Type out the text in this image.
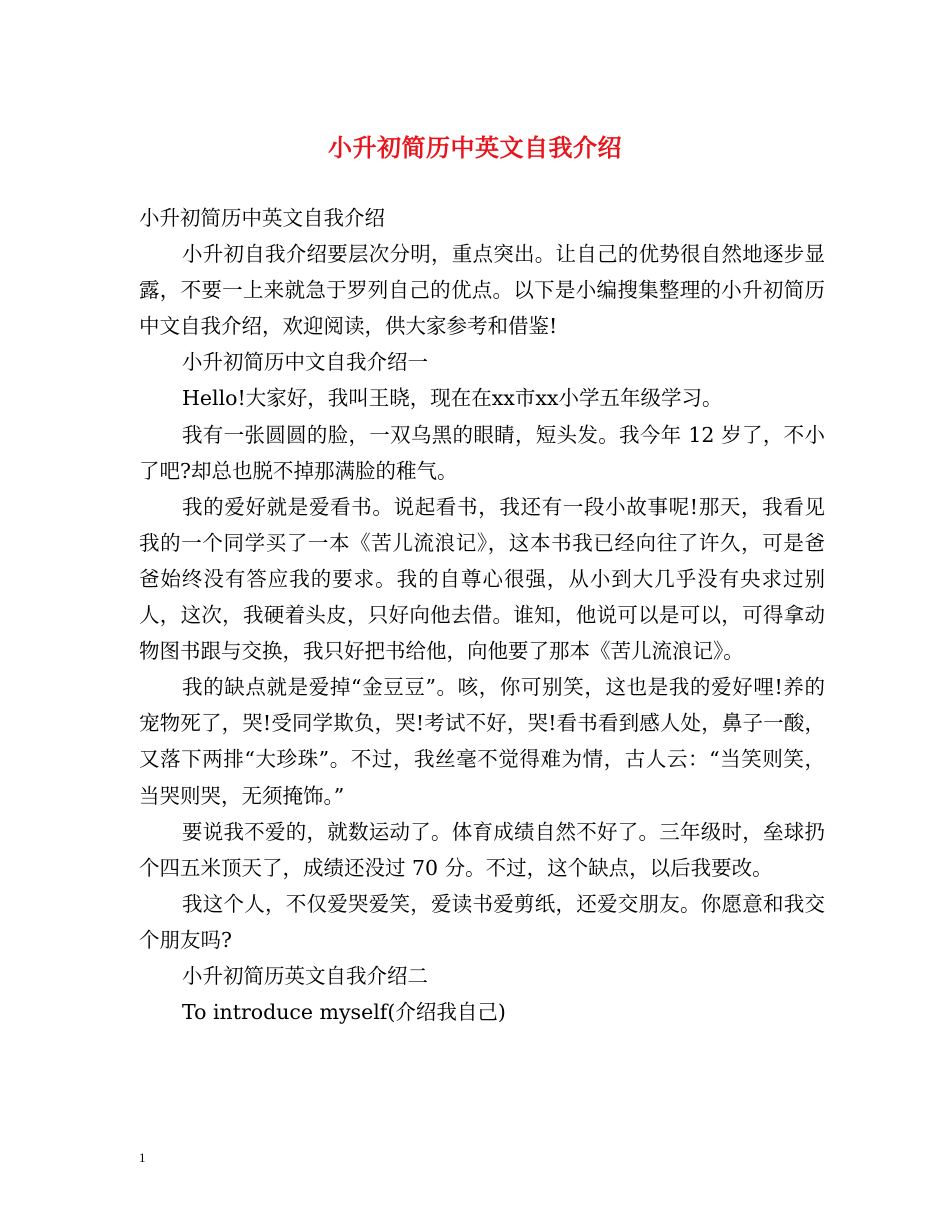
小升初简历中英文自我介绍

小升初简历中英文自我介绍

小升初自我介绍要层次分明，重点突出。让自己的优势很自然地逐步显露，不要一上来就急于罗列自己的优点。以下是小编搜集整理的小升初简历中文自我介绍，欢迎阅读，供大家参考和借鉴!

小升初简历中文自我介绍一

Hello!大家好，我叫王晓，现在在xx市xx小学五年级学习。

我有一张圆圆的脸，一双乌黑的眼睛，短头发。我今年 12 岁了，不小了吧?却总也脱不掉那满脸的稚气。

我的爱好就是爱看书。说起看书，我还有一段小故事呢!那天，我看见我的一个同学买了一本《苦儿流浪记》，这本书我已经向往了许久，可是爸爸始终没有答应我的要求。我的自尊心很强，从小到大几乎没有央求过别人，这次，我硬着头皮，只好向他去借。谁知，他说可以是可以，可得拿动物图书跟与交换，我只好把书给他，向他要了那本《苦儿流浪记》。

我的缺点就是爱掉“金豆豆”。咳，你可别笑，这也是我的爱好哩!养的宠物死了，哭!受同学欺负，哭!考试不好，哭!看书看到感人处，鼻子一酸，又落下两排“大珍珠”。不过，我丝毫不觉得难为情，古人云：“当笑则笑，当哭则哭，无须掩饰。”

要说我不爱的，就数运动了。体育成绩自然不好了。三年级时，垒球扔个四五米顶天了，成绩还没过 70 分。不过，这个缺点，以后我要改。

我这个人，不仅爱哭爱笑，爱读书爱剪纸，还爱交朋友。你愿意和我交个朋友吗?

小升初简历英文自我介绍二

To introduce myself(介绍我自己)

1
